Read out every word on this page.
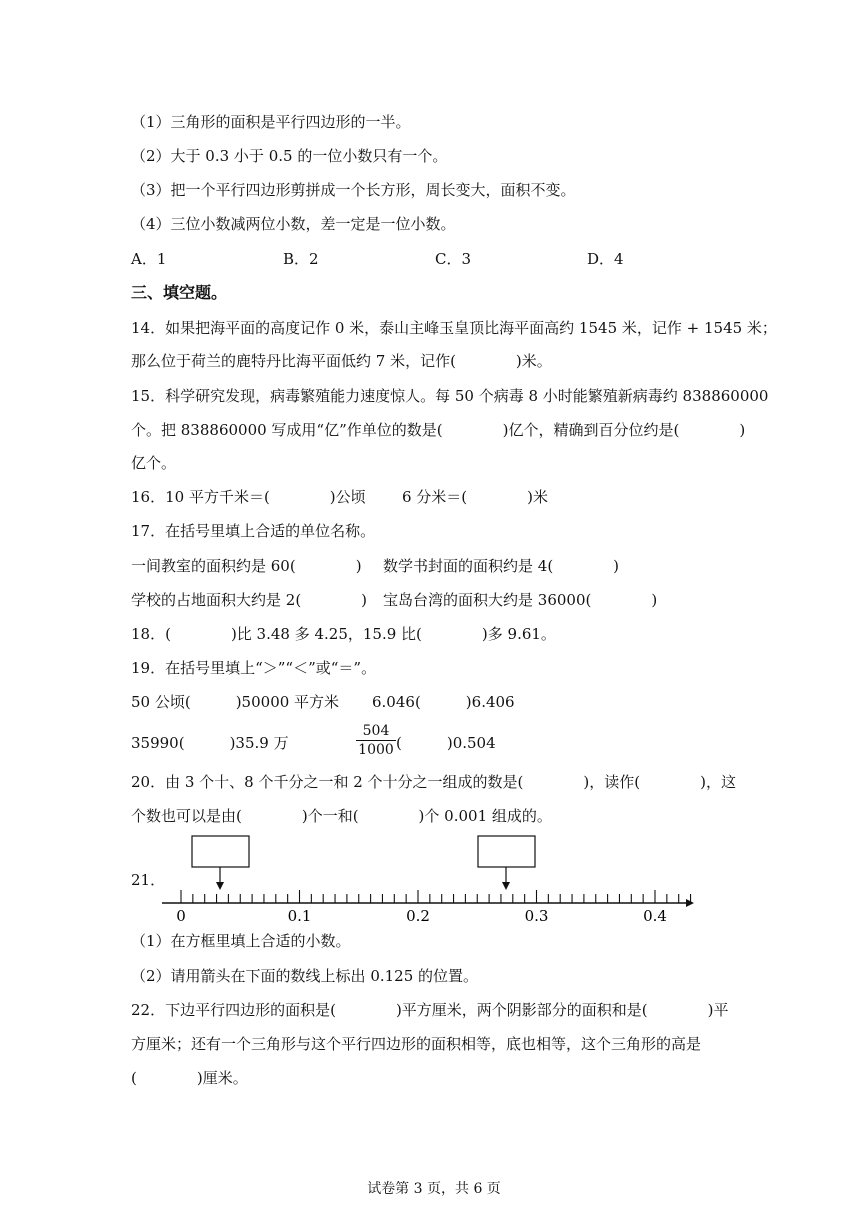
（1）三角形的面积是平行四边形的一半。
（2）大于 0.3 小于 0.5 的一位小数只有一个。
（3）把一个平行四边形剪拼成一个长方形，周长变大，面积不变。
（4）三位小数减两位小数，差一定是一位小数。
A．1	B．2	C．3	D．4
三、填空题。
14．如果把海平面的高度记作 0 米，泰山主峰玉皇顶比海平面高约 1545 米，记作 + 1545 米；
那么位于荷兰的鹿特丹比海平面低约 7 米，记作(　　　　)米。
15．科学研究发现，病毒繁殖能力速度惊人。每 50 个病毒 8 小时能繁殖新病毒约 838860000
个。把 838860000 写成用“亿”作单位的数是(　　　　)亿个，精确到百分位约是(　　　　)
亿个。
16．10 平方千米＝(　　　　)公顷 6 分米＝(　　　　)米
17．在括号里填上合适的单位名称。
一间教室的面积约是 60(　　　　) 数学书封面的面积约是 4(　　　　)
学校的占地面积大约是 2(　　　　) 宝岛台湾的面积大约是 36000(　　　　)
18．(　　　　)比 3.48 多 4.25，15.9 比(　　　　)多 9.61。
19．在括号里填上“＞”“＜”或“＝”。
50 公顷(　　　)50000 平方米 6.046(　　　)6.406
35990(　　　)35.9 万	$\frac{504}{1000}$ (　　　)0.504
20．由 3 个十、8 个千分之一和 2 个十分之一组成的数是(　　　　)，读作(　　　　)，这
个数也可以是由(　　　　)个一和(　　　　)个 0.001 组成的。
21．
0	0.1	0.2	0.3	0.4
（1）在方框里填上合适的小数。
（2）请用箭头在下面的数线上标出 0.125 的位置。
22．下边平行四边形的面积是(　　　　)平方厘米，两个阴影部分的面积和是(　　　　)平
方厘米；还有一个三角形与这个平行四边形的面积相等，底也相等，这个三角形的高是
(　　　　)厘米。
试卷第 3 页，共 6 页
